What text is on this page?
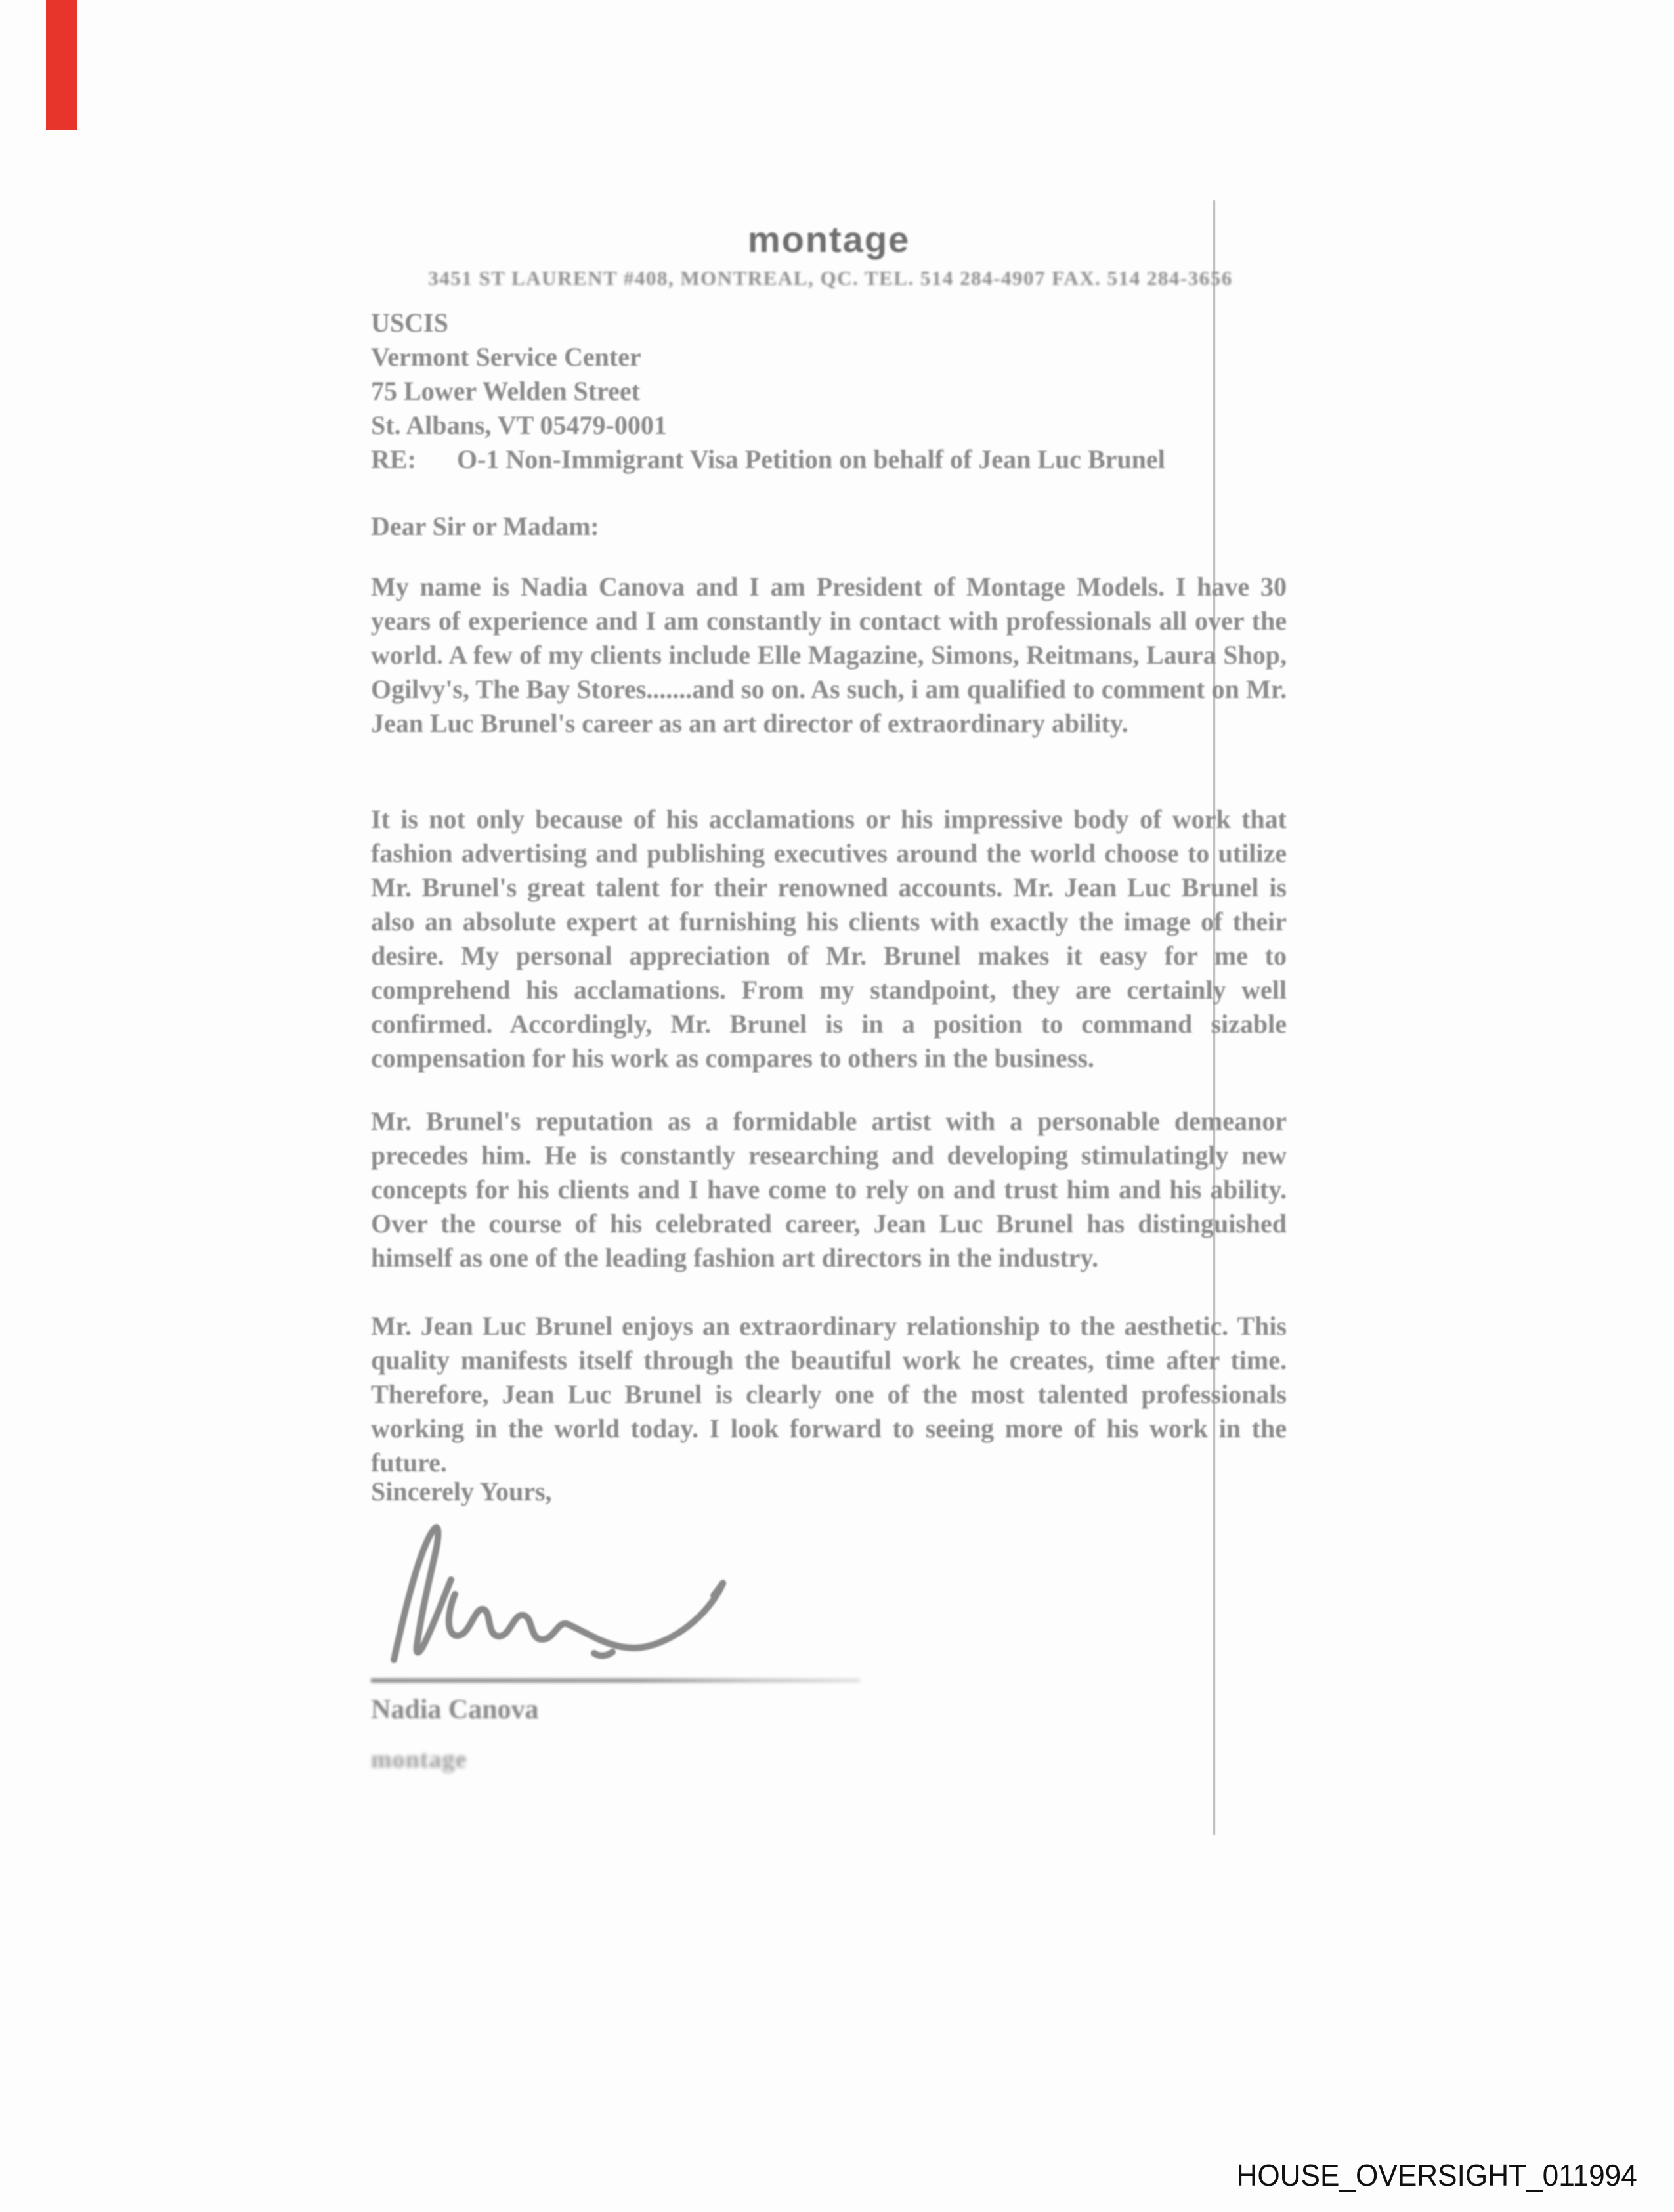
montage
3451 ST LAURENT #408, MONTREAL, QC. TEL. 514 284-4907 FAX. 514 284-3656
USCIS
Vermont Service Center
75 Lower Welden Street
St. Albans, VT 05479-0001
RE: O-1 Non-Immigrant Visa Petition on behalf of Jean Luc Brunel
Dear Sir or Madam:
My name is Nadia Canova and I am President of Montage Models. I have 30 years of experience and I am constantly in contact with professionals all over the world. A few of my clients include Elle Magazine, Simons, Reitmans, Laura Shop, Ogilvy's, The Bay Stores.......and so on. As such, i am qualified to comment on Mr. Jean Luc Brunel's career as an art director of extraordinary ability.
It is not only because of his acclamations or his impressive body of work that fashion advertising and publishing executives around the world choose to utilize Mr. Brunel's great talent for their renowned accounts. Mr. Jean Luc Brunel is also an absolute expert at furnishing his clients with exactly the image of their desire. My personal appreciation of Mr. Brunel makes it easy for me to comprehend his acclamations. From my standpoint, they are certainly well confirmed. Accordingly, Mr. Brunel is in a position to command sizable compensation for his work as compares to others in the business.
Mr. Brunel's reputation as a formidable artist with a personable demeanor precedes him. He is constantly researching and developing stimulatingly new concepts for his clients and I have come to rely on and trust him and his ability. Over the course of his celebrated career, Jean Luc Brunel has distinguished himself as one of the leading fashion art directors in the industry.
Mr. Jean Luc Brunel enjoys an extraordinary relationship to the aesthetic. This quality manifests itself through the beautiful work he creates, time after time. Therefore, Jean Luc Brunel is clearly one of the most talented professionals working in the world today. I look forward to seeing more of his work in the future.
Sincerely Yours,
Nadia Canova
montage
HOUSE_OVERSIGHT_011994
